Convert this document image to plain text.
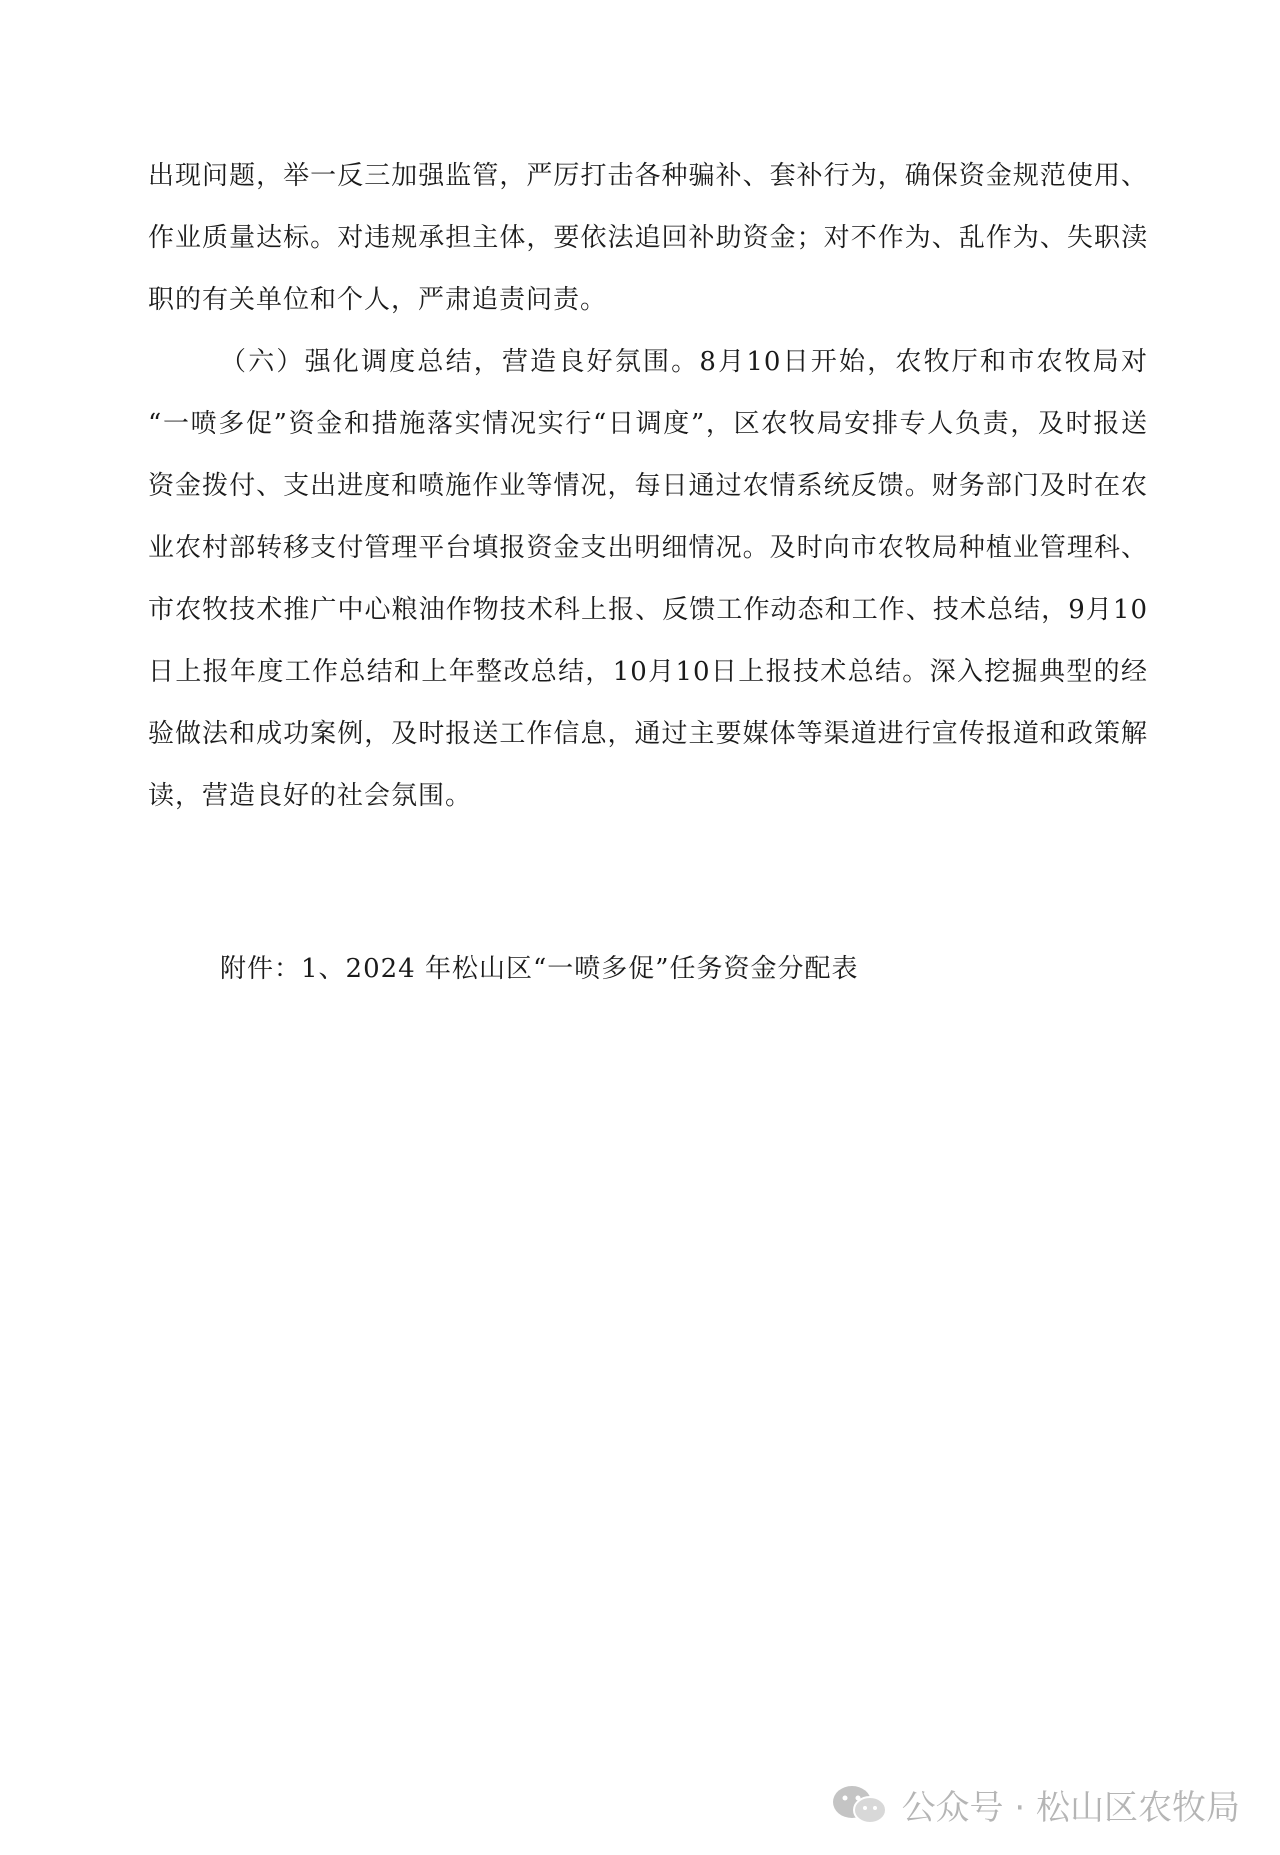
出现问题，举一反三加强监管，严厉打击各种骗补、套补行为，确保资金规范使用、作业质量达标。对违规承担主体，要依法追回补助资金；对不作为、乱作为、失职渎职的有关单位和个人，严肃追责问责。

（六）强化调度总结，营造良好氛围。8月10日开始，农牧厅和市农牧局对 “一喷多促”资金和措施落实情况实行“日调度”，区农牧局安排专人负责，及时报送资金拨付、支出进度和喷施作业等情况，每日通过农情系统反馈。财务部门及时在农业农村部转移支付管理平台填报资金支出明细情况。及时向市农牧局种植业管理科、市农牧技术推广中心粮油作物技术科上报、反馈工作动态和工作、技术总结，9月10日上报年度工作总结和上年整改总结，10月10日上报技术总结。深入挖掘典型的经验做法和成功案例，及时报送工作信息，通过主要媒体等渠道进行宣传报道和政策解读，营造良好的社会氛围。

附件：1、2024 年松山区“一喷多促”任务资金分配表

公众号 · 松山区农牧局
